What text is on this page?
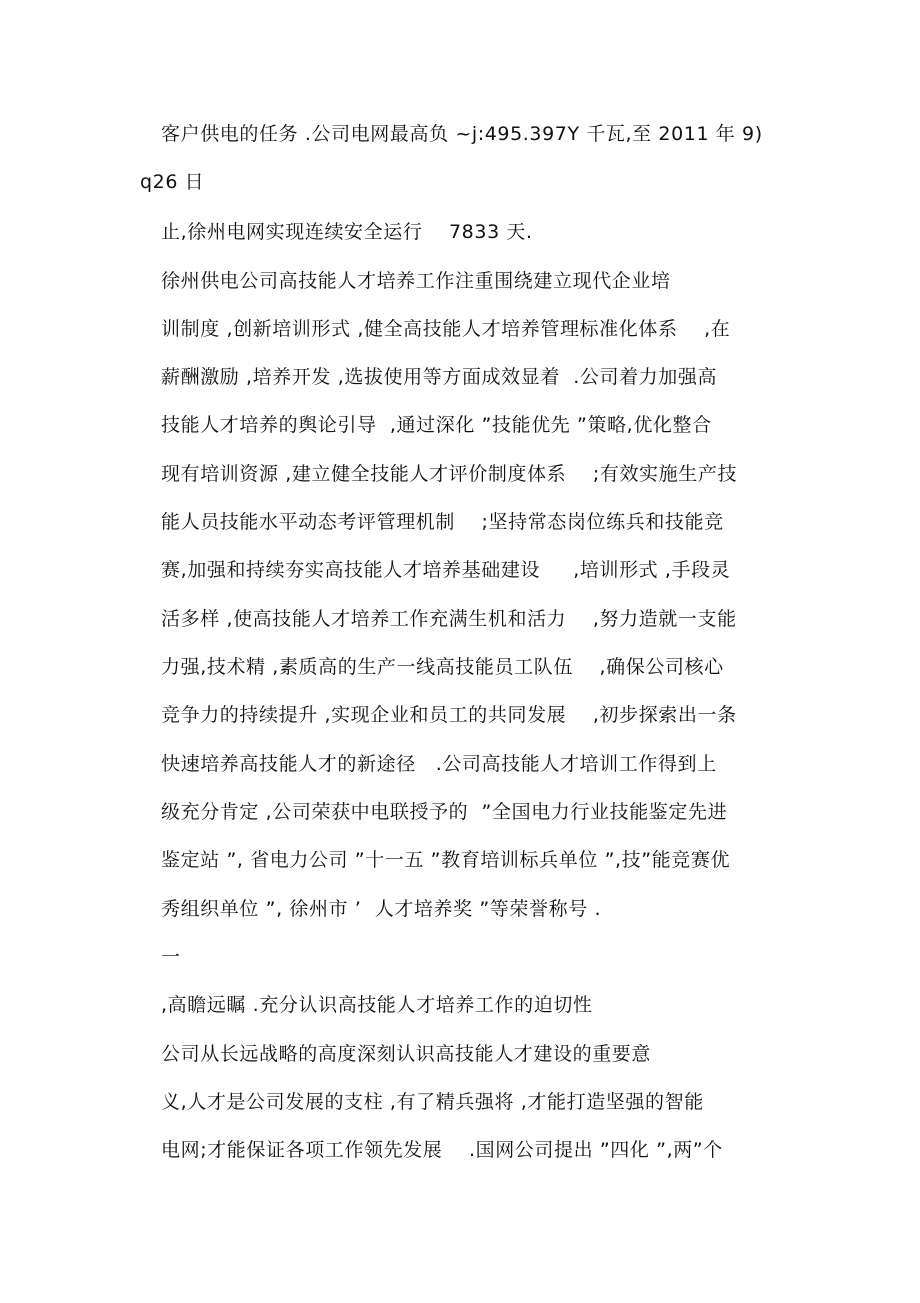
客户供电的任务 .公司电网最高负 ~j:495.397Y 千瓦,至 2011 年 9)
q26 日
止,徐州电网实现连续安全运行    7833 天.
徐州供电公司高技能人才培养工作注重围绕建立现代企业培
训制度 ,创新培训形式 ,健全高技能人才培养管理标准化体系    ,在
薪酬激励 ,培养开发 ,选拔使用等方面成效显着  .公司着力加强高
技能人才培养的舆论引导  ,通过深化 ”技能优先 ”策略,优化整合
现有培训资源 ,建立健全技能人才评价制度体系    ;有效实施生产技
能人员技能水平动态考评管理机制    ;坚持常态岗位练兵和技能竞
赛,加强和持续夯实高技能人才培养基础建设     ,培训形式 ,手段灵
活多样 ,使高技能人才培养工作充满生机和活力    ,努力造就一支能
力强,技术精 ,素质高的生产一线高技能员工队伍    ,确保公司核心
竞争力的持续提升 ,实现企业和员工的共同发展    ,初步探索出一条
快速培养高技能人才的新途径   .公司高技能人才培训工作得到上
级充分肯定 ,公司荣获中电联授予的  ”全国电力行业技能鉴定先进
鉴定站 ”, 省电力公司 ”十一五 ”教育培训标兵单位 ”,技”能竞赛优
秀组织单位 ”, 徐州市 ’  人才培养奖 ”等荣誉称号 .
一
,高瞻远瞩 .充分认识高技能人才培养工作的迫切性
公司从长远战略的高度深刻认识高技能人才建设的重要意
义,人才是公司发展的支柱 ,有了精兵强将 ,才能打造坚强的智能
电网;才能保证各项工作领先发展    .国网公司提出 ”四化 ”,两”个
